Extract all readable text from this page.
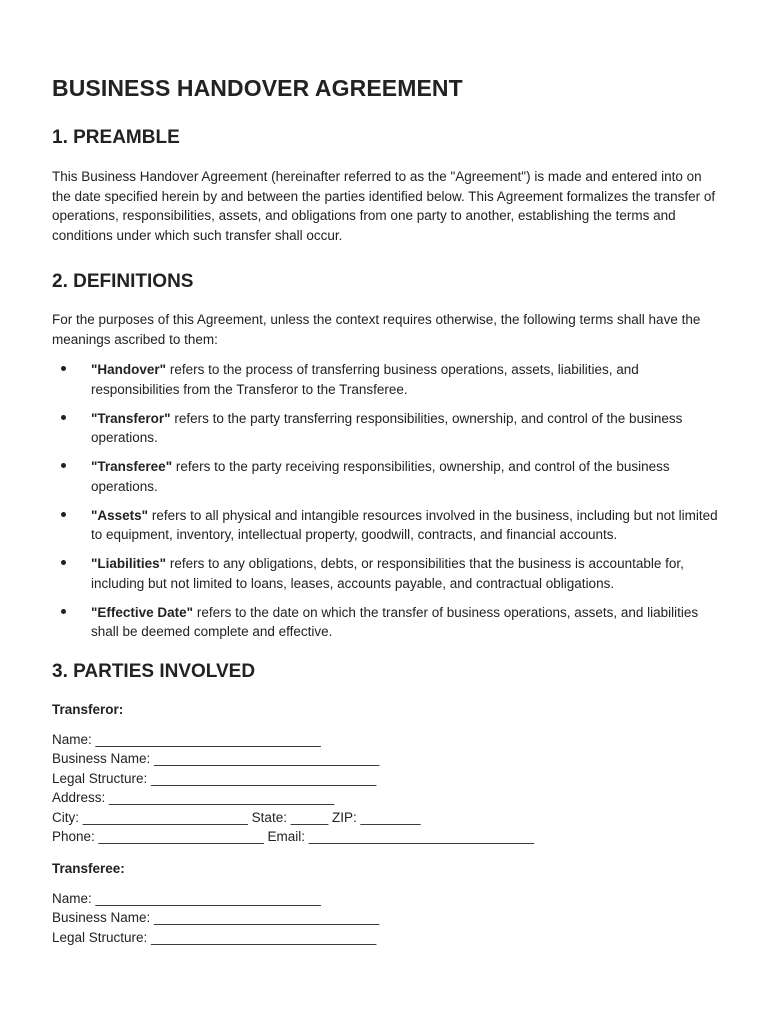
BUSINESS HANDOVER AGREEMENT
1. PREAMBLE

This Business Handover Agreement (hereinafter referred to as the "Agreement") is made and entered into on the date specified herein by and between the parties identified below. This Agreement formalizes the transfer of operations, responsibilities, assets, and obligations from one party to another, establishing the terms and conditions under which such transfer shall occur.

2. DEFINITIONS

For the purposes of this Agreement, unless the context requires otherwise, the following terms shall have the meanings ascribed to them:

"Handover" refers to the process of transferring business operations, assets, liabilities, and responsibilities from the Transferor to the Transferee.
"Transferor" refers to the party transferring responsibilities, ownership, and control of the business operations.
"Transferee" refers to the party receiving responsibilities, ownership, and control of the business operations.
"Assets" refers to all physical and intangible resources involved in the business, including but not limited to equipment, inventory, intellectual property, goodwill, contracts, and financial accounts.
"Liabilities" refers to any obligations, debts, or responsibilities that the business is accountable for, including but not limited to loans, leases, accounts payable, and contractual obligations.
"Effective Date" refers to the date on which the transfer of business operations, assets, and liabilities shall be deemed complete and effective.
3. PARTIES INVOLVED
Transferor:
Name: ______________________________
Business Name: ______________________________
Legal Structure: ______________________________
Address: ______________________________
City: ______________________ State: _____ ZIP: ________
Phone: ______________________ Email: ______________________________
Transferee:
Name: ______________________________
Business Name: ______________________________
Legal Structure: ______________________________
